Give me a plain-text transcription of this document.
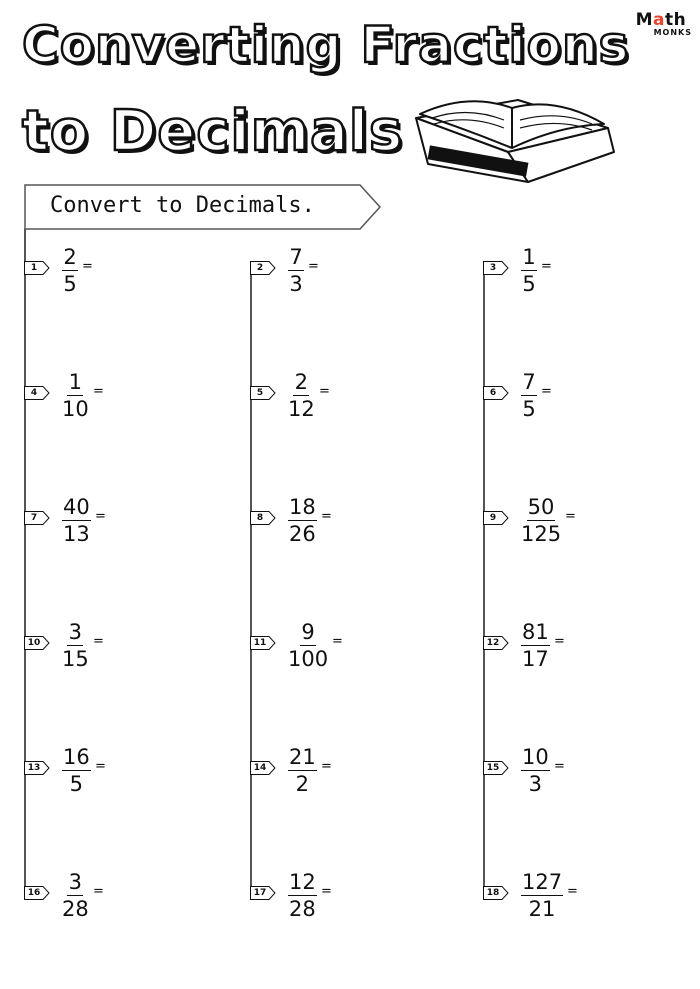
Converting Fractions
to Decimals
Math
MONKS
Convert to Decimals.
1	$\frac{2}{5}$ =	2	$\frac{7}{3}$ =	3	$\frac{1}{5}$ =
4	$\frac{1}{10}$ =	5	$\frac{2}{12}$ =	6	$\frac{7}{5}$ =
7	$\frac{40}{13}$ =	8	$\frac{18}{26}$ =	9	$\frac{50}{125}$ =
$10 \frac{3}{15}$ =	$11 \frac{9}{100}$ =	$12 \frac{81}{17}$ =
$13 \frac{16}{5}$ =	$14 \frac{21}{2}$ =	$15 \frac{10}{3}$ =
$16 \frac{3}{28}$ =	$17 \frac{12}{28}$ =	$18 \frac{127}{21}$ =
